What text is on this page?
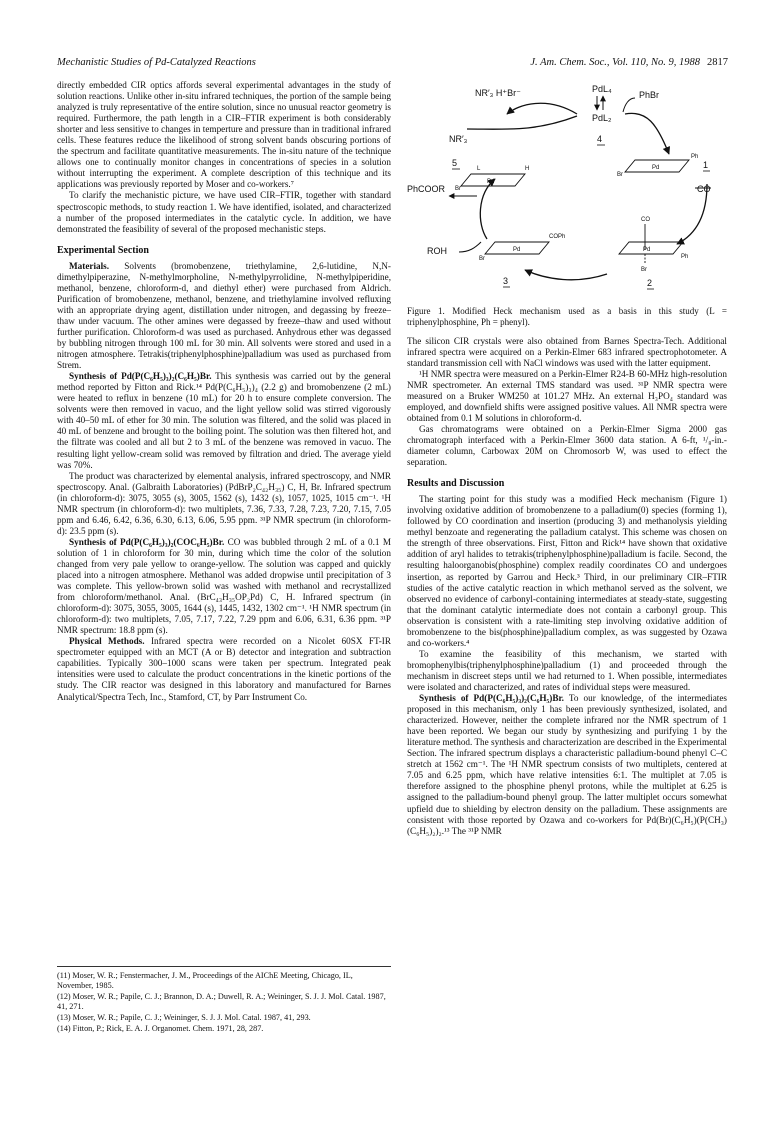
Mechanistic Studies of Pd-Catalyzed Reactions	J. Am. Chem. Soc., Vol. 110, No. 9, 1988 2817

directly embedded CIR optics affords several experimental advantages in the study of solution reactions. Unlike other in-situ infrared techniques, the portion of the sample being analyzed is truly representative of the entire solution, since no unusual reactor geometry is required. Furthermore, the path length in a CIR–FTIR experiment is both considerably shorter and less sensitive to changes in temperture and pressure than in traditional infrared cells. These features reduce the likelihood of strong solvent bands obscuring portions of the spectrum and facilitate quantitative measurements. The in-situ nature of the technique allows one to continually monitor changes in concentrations of species in a solution without interrupting the experiment. A complete description of this technique and its applications was previously reported by Moser and co-workers.⁷

To clarify the mechanistic picture, we have used CIR–FTIR, together with standard spectroscopic methods, to study reaction 1. We have identified, isolated, and characterized a number of the proposed intermediates in the catalytic cycle. In addition, we have demonstrated the feasibility of several of the proposed mechanistic steps.

Experimental Section

Materials. Solvents (bromobenzene, triethylamine, 2,6-lutidine, N,N-dimethylpiperazine, N-methylmorpholine, N-methylpyrrolidine, N-methylpiperidine, methanol, benzene, chloroform-d, and diethyl ether) were purchased from Aldrich. Purification of bromobenzene, methanol, benzene, and triethylamine involved refluxing with an appropriate drying agent, distillation under nitrogen, and degassing by freeze–thaw under vacuum. The other amines were degassed by freeze–thaw and used without further purification. Chloroform-d was used as purchased. Anhydrous ether was degassed by bubbling nitrogen through 100 mL for 30 min. All solvents were stored and used in a nitrogen atmosphere. Tetrakis(triphenylphosphine)palladium was used as purchased from Strem.

Synthesis of Pd(P(C₆H₅)₃)₂(C₆H₅)Br. This synthesis was carried out by the general method reported by Fitton and Rick.¹⁴ Pd(P(C₆H₅)₃)₄ (2.2 g) and bromobenzene (2 mL) were heated to reflux in benzene (10 mL) for 20 h to ensure complete conversion. The solvents were then removed in vacuo, and the light yellow solid was stirred vigorously with 40–50 mL of ether for 30 min. The solution was filtered, and the solid was placed in 40 mL of benzene and brought to the boiling point. The solution was then filtered hot, and the filtrate was cooled and all but 2 to 3 mL of the benzene was removed in vacuo. The resulting light yellow-cream solid was removed by filtration and dried. The average yield was 70%.

The product was characterized by elemental analysis, infrared spectroscopy, and NMR spectroscopy. Anal. (Galbraith Laboratories) (PdBrP₂C₄₂H₃₅) C, H, Br. Infrared spectrum (in chloroform-d): 3075, 3055 (s), 3005, 1562 (s), 1432 (s), 1057, 1025, 1015 cm⁻¹. ¹H NMR spectrum (in chloroform-d): two multiplets, 7.36, 7.33, 7.28, 7.23, 7.20, 7.15, 7.05 ppm and 6.46, 6.42, 6.36, 6.30, 6.13, 6.06, 5.95 ppm. ³¹P NMR spectrum (in chloroform-d): 23.5 ppm (s).

Synthesis of Pd(P(C₆H₅)₃)₂(COC₆H₅)Br. CO was bubbled through 2 mL of a 0.1 M solution of 1 in chloroform for 30 min, during which time the color of the solution changed from very pale yellow to orange-yellow. The solution was capped and quickly placed into a nitrogen atmosphere. Methanol was added dropwise until precipitation of 3 was complete. This yellow-brown solid was washed with methanol and recrystallized from chloroform/methanol. Anal. (BrC₄₃H₃₅OP₂Pd) C, H. Infrared spectrum (in chloroform-d): 3075, 3055, 3005, 1644 (s), 1445, 1432, 1302 cm⁻¹. ¹H NMR spectrum (in chloroform-d): two multiplets, 7.05, 7.17, 7.22, 7.29 ppm and 6.06, 6.31, 6.36 ppm. ³¹P NMR spectrum: 18.8 ppm (s).

Physical Methods. Infrared spectra were recorded on a Nicolet 60SX FT-IR spectrometer equipped with an MCT (A or B) detector and integration and subtraction capabilities. Typically 300–1000 scans were taken per spectrum. Integrated peak intensities were used to calculate the product concentrations in the kinetic portions of the study. The CIR reactor was designed in this laboratory and manufactured for Barnes Analytical/Spectra Tech, Inc., Stamford, CT, by Parr Instrument Co.

(11) Moser, W. R.; Fenstermacher, J. M., Proceedings of the AIChE Meeting, Chicago, IL, November, 1985.

(12) Moser, W. R.; Papile, C. J.; Brannon, D. A.; Duwell, R. A.; Weininger, S. J. J. Mol. Catal. 1987, 41, 271.

(13) Moser, W. R.; Papile, C. J.; Weininger, S. J. J. Mol. Catal. 1987, 41, 293.

(14) Fitton, P.; Rick, E. A. J. Organomet. Chem. 1971, 28, 287.

NR′₃ H⁺Br⁻	PdL₄
PdL₂
4
PhBr
NR′₃
5
Pd
L	H
Br
Pd
Ph
Br
1
PhCOOR	CO
ROH	Pd
COPh
Br
3
CO
Pd
Ph
Br
2

Figure 1. Modified Heck mechanism used as a basis in this study (L = triphenylphosphine, Ph = phenyl).

The silicon CIR crystals were also obtained from Barnes Spectra-Tech. Additional infrared spectra were acquired on a Perkin-Elmer 683 infrared spectrophotometer. A standard transmission cell with NaCl windows was used with the latter equipment.

¹H NMR spectra were measured on a Perkin-Elmer R24-B 60-MHz high-resolution NMR spectrometer. An external TMS standard was used. ³¹P NMR spectra were measured on a Bruker WM250 at 101.27 MHz. An external H₃PO₄ standard was employed, and downfield shifts were assigned positive values. All NMR spectra were obtained from 0.1 M solutions in chloroform-d.

Gas chromatograms were obtained on a Perkin-Elmer Sigma 2000 gas chromatograph interfaced with a Perkin-Elmer 3600 data station. A 6-ft, ¹/₈-in.-diameter column, Carbowax 20M on Chromosorb W, was used to effect the separation.

Results and Discussion

The starting point for this study was a modified Heck mechanism (Figure 1) involving oxidative addition of bromobenzene to a palladium(0) species (forming 1), followed by CO coordination and insertion (producing 3) and methanolysis yielding methyl benzoate and regenerating the palladium catalyst. This scheme was chosen on the strength of three observations. First, Fitton and Rick¹⁴ have shown that oxidative addition of aryl halides to tetrakis(triphenylphosphine)palladium is facile. Second, the resulting haloorganobis(phosphine) complex readily coordinates CO and undergoes insertion, as reported by Garrou and Heck.³ Third, in our preliminary CIR–FTIR studies of the active catalytic reaction in which methanol served as the solvent, we observed no evidence of carbonyl-containing intermediates at steady-state, suggesting that the dominant catalytic intermediate does not contain a carbonyl group. This observation is consistent with a rate-limiting step involving oxidative addition of bromobenzene to the bis(phosphine)palladium complex, as was suggested by Ozawa and co-workers.⁴

To examine the feasibility of this mechanism, we started with bromophenylbis(triphenylphosphine)palladium (1) and proceeded through the mechanism in discreet steps until we had returned to 1. When possible, intermediates were isolated and characterized, and rates of individual steps were measured.

Synthesis of Pd(P(C₆H₅)₃)₂(C₆H₅)Br. To our knowledge, of the intermediates proposed in this mechanism, only 1 has been previously synthesized, isolated, and characterized. However, neither the complete infrared nor the NMR spectrum of 1 have been reported. We began our study by synthesizing and purifying 1 by the literature method. The synthesis and characterization are described in the Experimental Section. The infrared spectrum displays a characteristic palladium-bound phenyl C–C stretch at 1562 cm⁻¹. The ¹H NMR spectrum consists of two multiplets, centered at 7.05 and 6.25 ppm, which have relative intensities 6:1. The multiplet at 7.05 is therefore assigned to the phosphine phenyl protons, while the multiplet at 6.25 is assigned to the palladium-bound phenyl group. The latter multiplet occurs somewhat upfield due to shielding by electron density on the palladium. These assignments are consistent with those reported by Ozawa and co-workers for Pd(Br)(C₆H₅)(P(CH₃)(C₆H₅)₂)₂.¹³ The ³¹P NMR
